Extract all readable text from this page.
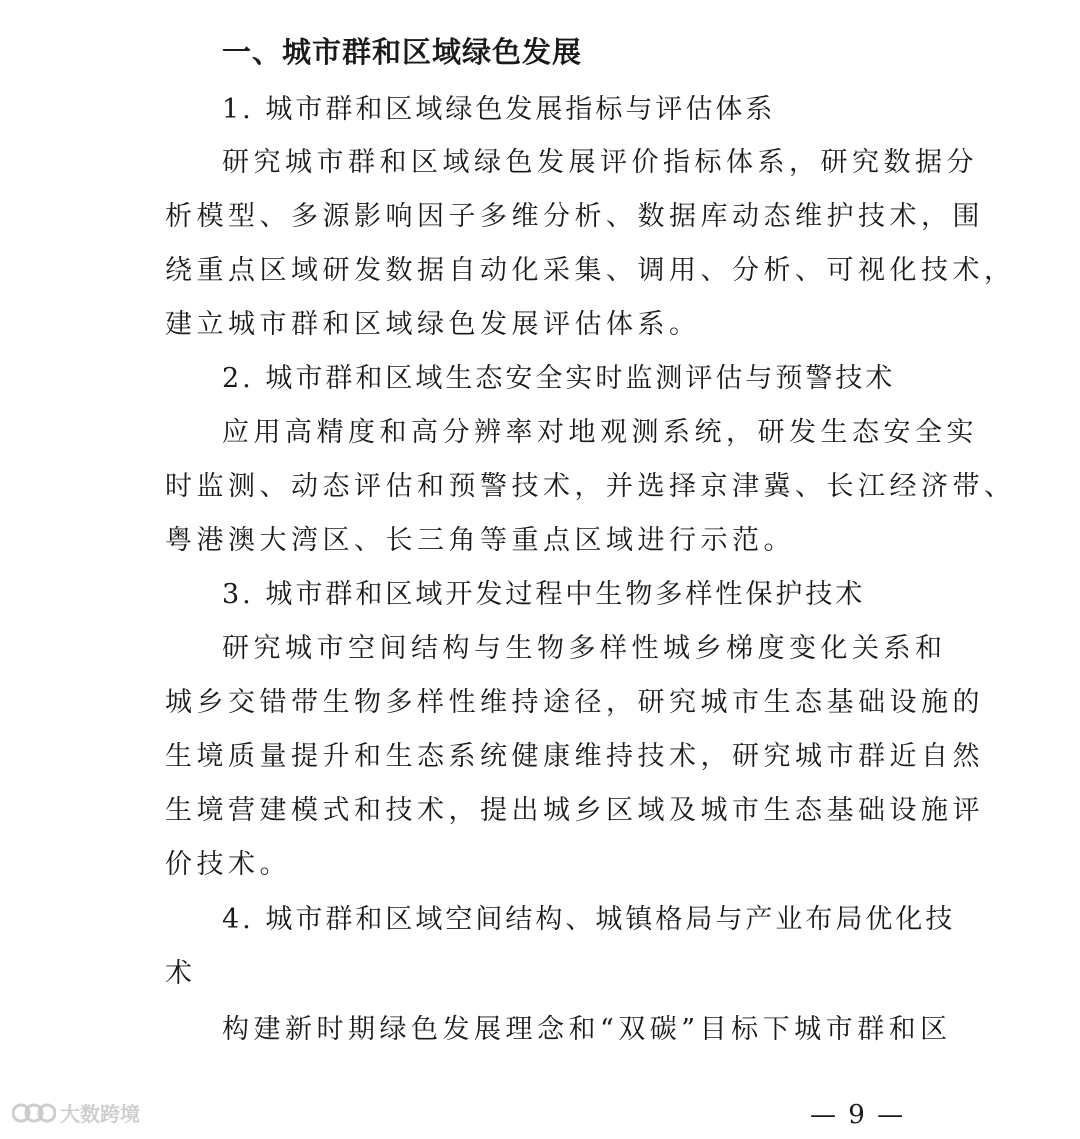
一、城市群和区域绿色发展
1. 城市群和区域绿色发展指标与评估体系
研究城市群和区域绿色发展评价指标体系，研究数据分
析模型、多源影响因子多维分析、数据库动态维护技术，围
绕重点区域研发数据自动化采集、调用、分析、可视化技术，
建立城市群和区域绿色发展评估体系。
2. 城市群和区域生态安全实时监测评估与预警技术
应用高精度和高分辨率对地观测系统，研发生态安全实
时监测、动态评估和预警技术，并选择京津冀、长江经济带、
粤港澳大湾区、长三角等重点区域进行示范。
3. 城市群和区域开发过程中生物多样性保护技术
研究城市空间结构与生物多样性城乡梯度变化关系和
城乡交错带生物多样性维持途径，研究城市生态基础设施的
生境质量提升和生态系统健康维持技术，研究城市群近自然
生境营建模式和技术，提出城乡区域及城市生态基础设施评
价技术。
4. 城市群和区域空间结构、城镇格局与产业布局优化技
术
构建新时期绿色发展理念和“双碳”目标下城市群和区
— 9 —
大数跨境
